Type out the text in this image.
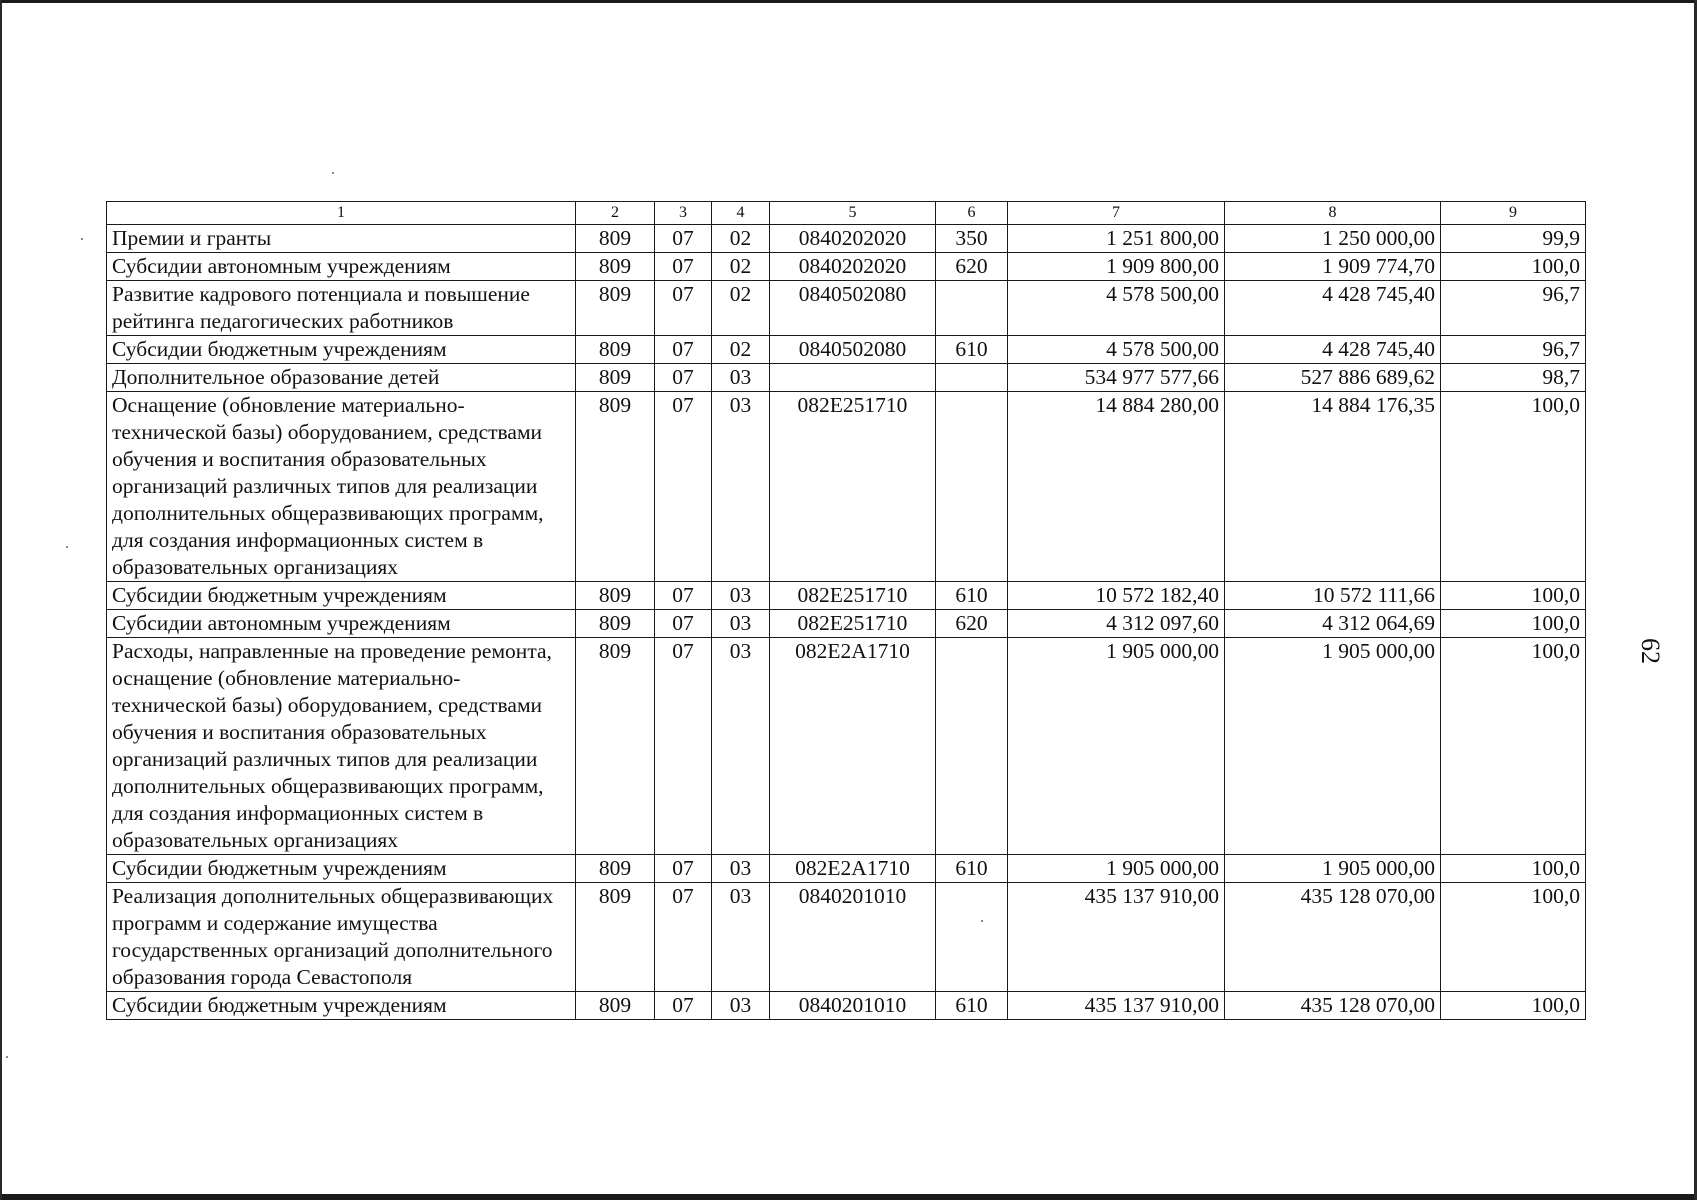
1	2	3	4	5	6	7	8	9
Премии и гранты	809	07	02	0840202020	350	1 251 800,00	1 250 000,00	99,9
Субсидии автономным учреждениям	809	07	02	0840202020	620	1 909 800,00	1 909 774,70	100,0
Развитие кадрового потенциала и повышение рейтинга педагогических работников	809	07	02	0840502080		4 578 500,00	4 428 745,40	96,7
Субсидии бюджетным учреждениям	809	07	02	0840502080	610	4 578 500,00	4 428 745,40	96,7
Дополнительное образование детей	809	07	03			534 977 577,66	527 886 689,62	98,7
Оснащение (обновление материально-технической базы) оборудованием, средствами обучения и воспитания образовательных организаций различных типов для реализации дополнительных общеразвивающих программ, для создания информационных систем в образовательных организациях	809	07	03	082E251710		14 884 280,00	14 884 176,35	100,0
Субсидии бюджетным учреждениям	809	07	03	082E251710	610	10 572 182,40	10 572 111,66	100,0
Субсидии автономным учреждениям	809	07	03	082E251710	620	4 312 097,60	4 312 064,69	100,0
Расходы, направленные на проведение ремонта, оснащение (обновление материально-технической базы) оборудованием, средствами обучения и воспитания образовательных организаций различных типов для реализации дополнительных общеразвивающих программ, для создания информационных систем в образовательных организациях	809	07	03	082E2A1710		1 905 000,00	1 905 000,00	100,0
Субсидии бюджетным учреждениям	809	07	03	082E2A1710	610	1 905 000,00	1 905 000,00	100,0
Реализация дополнительных общеразвивающих программ и содержание имущества государственных организаций дополнительного образования города Севастополя	809	07	03	0840201010		435 137 910,00	435 128 070,00	100,0
Субсидии бюджетным учреждениям	809	07	03	0840201010	610	435 137 910,00	435 128 070,00	100,0
62
